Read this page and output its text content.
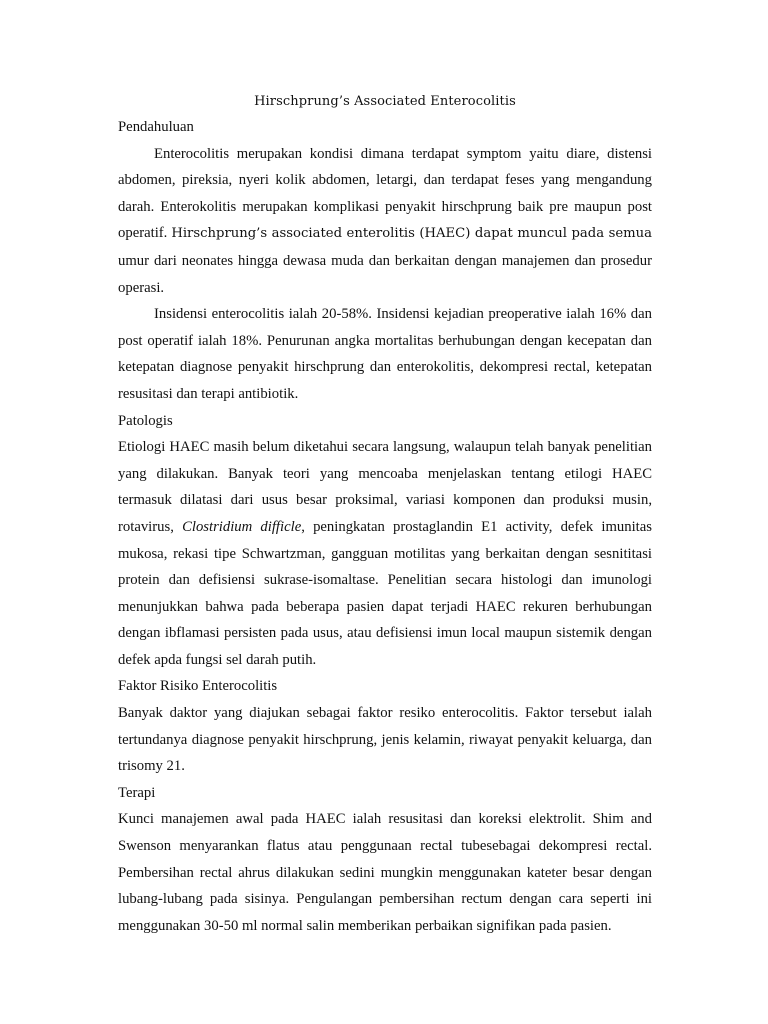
Hirschprung’s Associated Enterocolitis

Pendahuluan

Enterocolitis merupakan kondisi dimana terdapat symptom yaitu diare, distensi abdomen, pireksia, nyeri kolik abdomen, letargi, dan terdapat feses yang mengandung darah. Enterokolitis merupakan komplikasi penyakit hirschprung baik pre maupun post operatif. Hirschprung’s associated enterolitis (HAEC) dapat muncul pada semua umur dari neonates hingga dewasa muda dan berkaitan dengan manajemen dan prosedur operasi.

Insidensi enterocolitis ialah 20-58%. Insidensi kejadian preoperative ialah 16% dan post operatif ialah 18%. Penurunan angka mortalitas berhubungan dengan kecepatan dan ketepatan diagnose penyakit hirschprung dan enterokolitis, dekompresi rectal, ketepatan resusitasi dan terapi antibiotik.

Patologis

Etiologi HAEC masih belum diketahui secara langsung, walaupun telah banyak penelitian yang dilakukan. Banyak teori yang mencoaba menjelaskan tentang etilogi HAEC termasuk dilatasi dari usus besar proksimal, variasi komponen dan produksi musin, rotavirus, Clostridium difficle, peningkatan prostaglandin E1 activity, defek imunitas mukosa, rekasi tipe Schwartzman, gangguan motilitas yang berkaitan dengan sesnititasi protein dan defisiensi sukrase-isomaltase. Penelitian secara histologi dan imunologi menunjukkan bahwa pada beberapa pasien dapat terjadi HAEC rekuren berhubungan dengan ibflamasi persisten pada usus, atau defisiensi imun local maupun sistemik dengan defek apda fungsi sel darah putih.

Faktor Risiko Enterocolitis

Banyak daktor yang diajukan sebagai faktor resiko enterocolitis. Faktor tersebut ialah tertundanya diagnose penyakit hirschprung, jenis kelamin, riwayat penyakit keluarga, dan trisomy 21.

Terapi

Kunci manajemen awal pada HAEC ialah resusitasi dan koreksi elektrolit. Shim and Swenson menyarankan flatus atau penggunaan rectal tubesebagai dekompresi rectal. Pembersihan rectal ahrus dilakukan sedini mungkin menggunakan kateter besar dengan lubang-lubang pada sisinya. Pengulangan pembersihan rectum dengan cara seperti ini menggunakan 30-50 ml normal salin memberikan perbaikan signifikan pada pasien.
